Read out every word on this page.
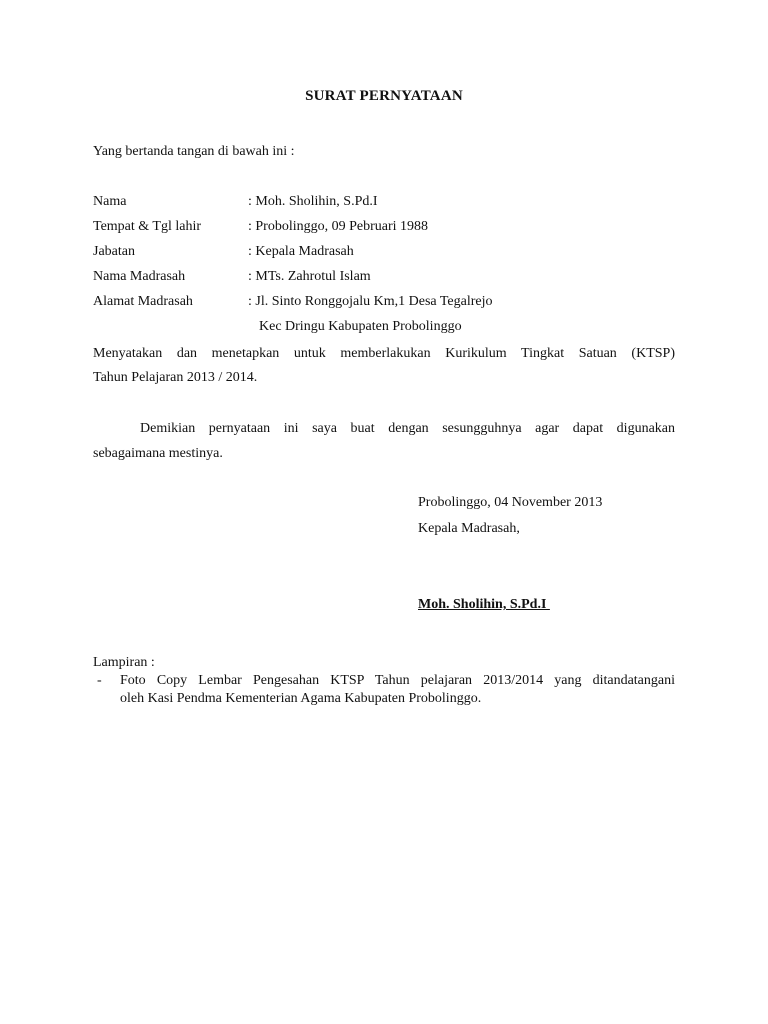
SURAT PERNYATAAN
Yang bertanda tangan di bawah ini :
Nama	: Moh. Sholihin, S.Pd.I
Tempat & Tgl lahir	: Probolinggo, 09 Pebruari 1988
Jabatan	: Kepala Madrasah
Nama Madrasah	: MTs. Zahrotul Islam
Alamat Madrasah	: Jl. Sinto Ronggojalu Km,1 Desa Tegalrejo
Kec Dringu Kabupaten Probolinggo
Menyatakan dan menetapkan untuk memberlakukan Kurikulum Tingkat Satuan (KTSP)
Tahun Pelajaran 2013 / 2014.
Demikian pernyataan ini saya buat dengan sesungguhnya agar dapat digunakan
sebagaimana mestinya.
Probolinggo, 04 November 2013
Kepala Madrasah,
Moh. Sholihin, S.Pd.I
Lampiran :
- Foto Copy Lembar Pengesahan KTSP Tahun pelajaran 2013/2014 yang ditandatangani
oleh Kasi Pendma Kementerian Agama Kabupaten Probolinggo.
